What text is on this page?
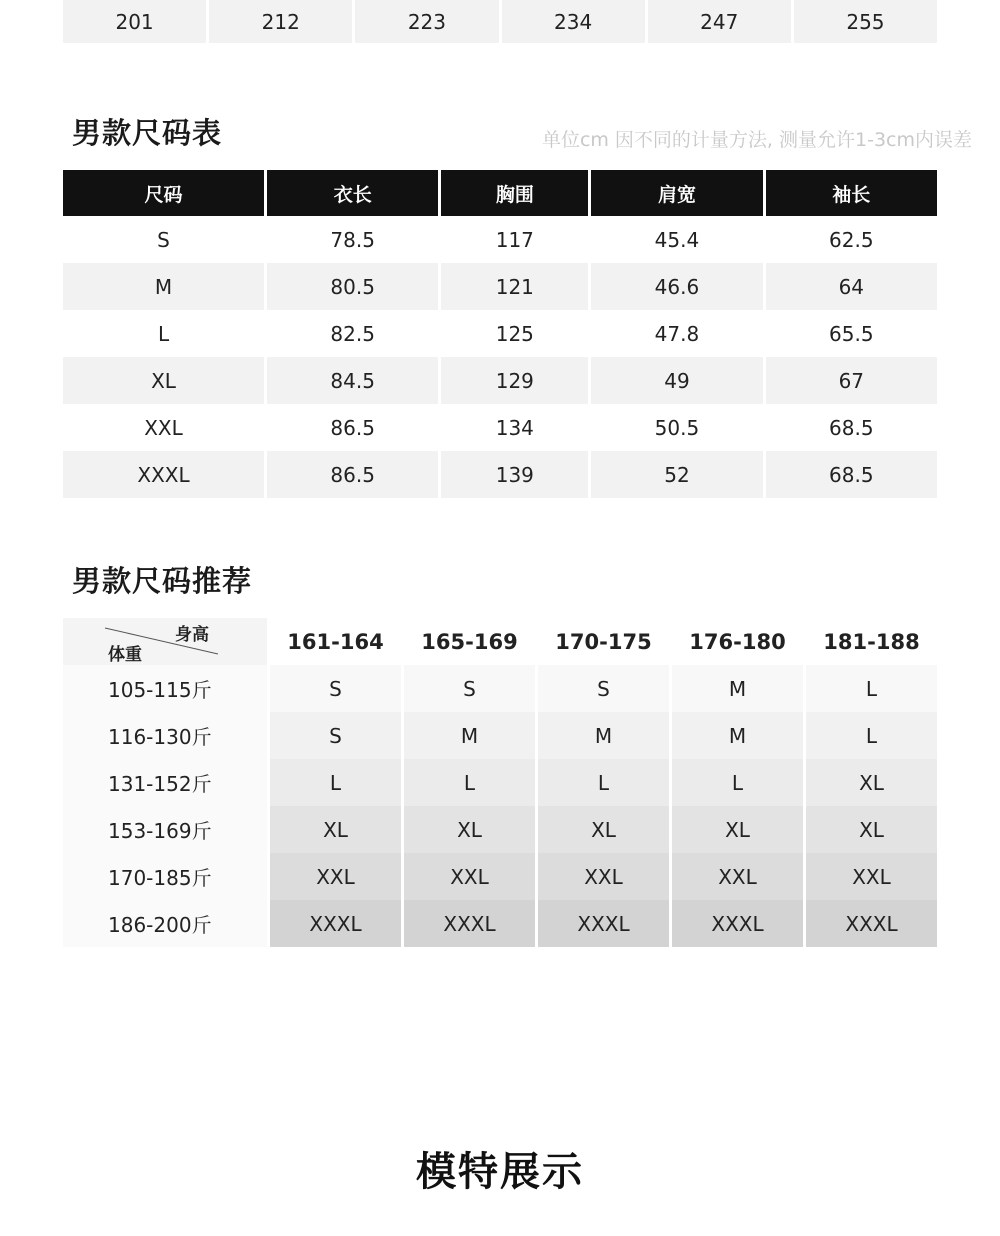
201	212	223	234	247	255
男款尺码表	单位cm 因不同的计量方法, 测量允许1-3cm内误差
尺码	衣长	胸围	肩宽	袖长
S	78.5	117	45.4	62.5
M	80.5	121	46.6	64
L	82.5	125	47.8	65.5
XL	84.5	129	49	67
XXL	86.5	134	50.5	68.5
XXXL	86.5	139	52	68.5
男款尺码推荐
身高
体重
161-164	165-169	170-175	176-180	181-188
105-115斤	S	S	S	M	L
116-130斤	S	M	M	M	L
131-152斤	L	L	L	L	XL
153-169斤	XL	XL	XL	XL	XL
170-185斤	XXL	XXL	XXL	XXL	XXL
186-200斤	XXXL	XXXL	XXXL	XXXL	XXXL
模特展示
